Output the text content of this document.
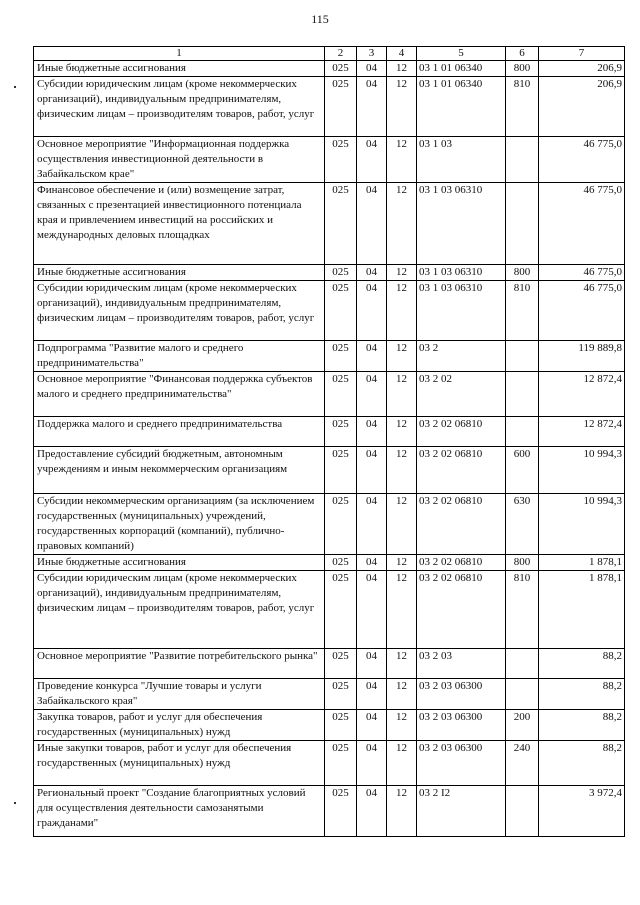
115
1	2	3	4	5	6	7
Иные бюджетные ассигнования	025	04	12	03 1 01 06340	800	206,9
Субсидии юридическим лицам (кроме некоммерческих организаций), индивидуальным предпринимателям, физическим лицам – производителям товаров, работ, услуг	025	04	12	03 1 01 06340	810	206,9
Основное мероприятие "Информационная поддержка осуществления инвестиционной деятельности в Забайкальском крае"	025	04	12	03 1 03		46 775,0
Финансовое обеспечение и (или) возмещение затрат, связанных с презентацией инвестиционного потенциала края и привлечением инвестиций на российских и международных деловых площадках	025	04	12	03 1 03 06310		46 775,0
Иные бюджетные ассигнования	025	04	12	03 1 03 06310	800	46 775,0
Субсидии юридическим лицам (кроме некоммерческих организаций), индивидуальным предпринимателям, физическим лицам – производителям товаров, работ, услуг	025	04	12	03 1 03 06310	810	46 775,0
Подпрограмма "Развитие малого и среднего предпринимательства"	025	04	12	03 2		119 889,8
Основное мероприятие "Финансовая поддержка субъектов малого и среднего предпринимательства"	025	04	12	03 2 02		12 872,4
Поддержка малого и среднего предпринимательства	025	04	12	03 2 02 06810		12 872,4
Предоставление субсидий бюджетным, автономным учреждениям и иным некоммерческим организациям	025	04	12	03 2 02 06810	600	10 994,3
Субсидии некоммерческим организациям (за исключением государственных (муниципальных) учреждений, государственных корпораций (компаний), публично-правовых компаний)	025	04	12	03 2 02 06810	630	10 994,3
Иные бюджетные ассигнования	025	04	12	03 2 02 06810	800	1 878,1
Субсидии юридическим лицам (кроме некоммерческих организаций), индивидуальным предпринимателям, физическим лицам – производителям товаров, работ, услуг	025	04	12	03 2 02 06810	810	1 878,1
Основное мероприятие "Развитие потребительского рынка"	025	04	12	03 2 03		88,2
Проведение конкурса "Лучшие товары и услуги Забайкальского края"	025	04	12	03 2 03 06300		88,2
Закупка товаров, работ и услуг для обеспечения государственных (муниципальных) нужд	025	04	12	03 2 03 06300	200	88,2
Иные закупки товаров, работ и услуг для обеспечения государственных (муниципальных) нужд	025	04	12	03 2 03 06300	240	88,2
Региональный проект "Создание благоприятных условий для осуществления деятельности самозанятыми гражданами"	025	04	12	03 2 I2		3 972,4
